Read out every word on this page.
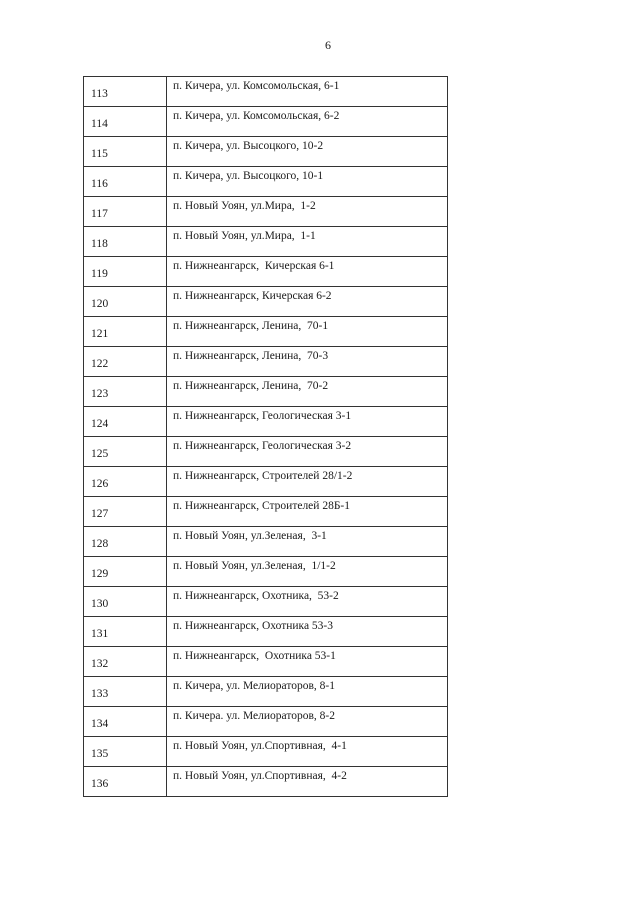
6
113	п. Кичера, ул. Комсомольская, 6-1
114	п. Кичера, ул. Комсомольская, 6-2
115	п. Кичера, ул. Высоцкого, 10-2
116	п. Кичера, ул. Высоцкого, 10-1
117	п. Новый Уоян, ул.Мира,  1-2
118	п. Новый Уоян, ул.Мира,  1-1
119	п. Нижнеангарск,  Кичерская 6-1
120	п. Нижнеангарск, Кичерская 6-2
121	п. Нижнеангарск, Ленина,  70-1
122	п. Нижнеангарск, Ленина,  70-3
123	п. Нижнеангарск, Ленина,  70-2
124	п. Нижнеангарск, Геологическая 3-1
125	п. Нижнеангарск, Геологическая 3-2
126	п. Нижнеангарск, Строителей 28/1-2
127	п. Нижнеангарск, Строителей 28Б-1
128	п. Новый Уоян, ул.Зеленая,  3-1
129	п. Новый Уоян, ул.Зеленая,  1/1-2
130	п. Нижнеангарск, Охотника,  53-2
131	п. Нижнеангарск, Охотника 53-3
132	п. Нижнеангарск,  Охотника 53-1
133	п. Кичера, ул. Мелиораторов, 8-1
134	п. Кичера. ул. Мелиораторов, 8-2
135	п. Новый Уоян, ул.Спортивная,  4-1
136	п. Новый Уоян, ул.Спортивная,  4-2
